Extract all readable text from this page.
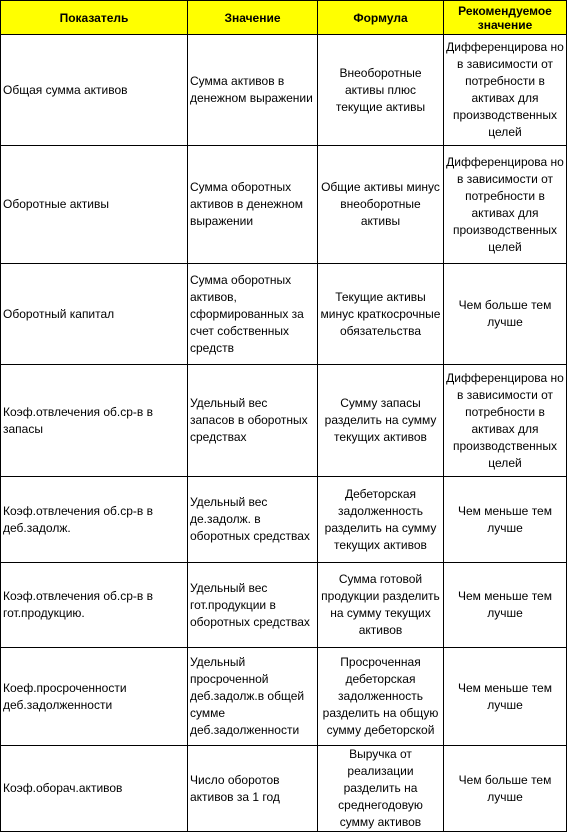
Показатель	Значение	Формула	Рекомендуемое значение
Общая сумма активов	Сумма активов в денежном выражении	Внеоборотные активы плюс текущие активы	Дифференцирова но в зависимости от потребности в активах для производственных целей
Оборотные активы	Сумма оборотных активов в денежном выражении	Общие активы минус внеоборотные активы	Дифференцирова но в зависимости от потребности в активах для производственных целей
Оборотный капитал	Сумма оборотных активов, сформированных за счет собственных средств	Текущие активы минус краткосрочные обязательства	Чем больше тем лучше
Коэф.отвлечения об.ср-в в запасы	Удельный вес запасов в оборотных средствах	Сумму запасы разделить на сумму текущих активов	Дифференцирова но в зависимости от потребности в активах для производственных целей
Коэф.отвлечения об.ср-в в деб.задолж.	Удельный вес де.задолж. в оборотных средствах	Дебеторская задолженность разделить на сумму текущих активов	Чем меньше тем лучше
Коэф.отвлечения об.ср-в в гот.продукцию.	Удельный вес гот.продукции в оборотных средствах	Сумма готовой продукции разделить на сумму текущих активов	Чем меньше тем лучше
Коеф.просроченности деб.задолженности	Удельный просроченной деб.задолж.в общей сумме деб.задолженности	Просроченная дебеторская задолженность разделить на общую сумму дебеторской	Чем меньше тем лучше
Коэф.оборач.активов	Число оборотов активов за 1 год	Выручка от реализации разделить на среднегодовую сумму активов	Чем больше тем лучше
